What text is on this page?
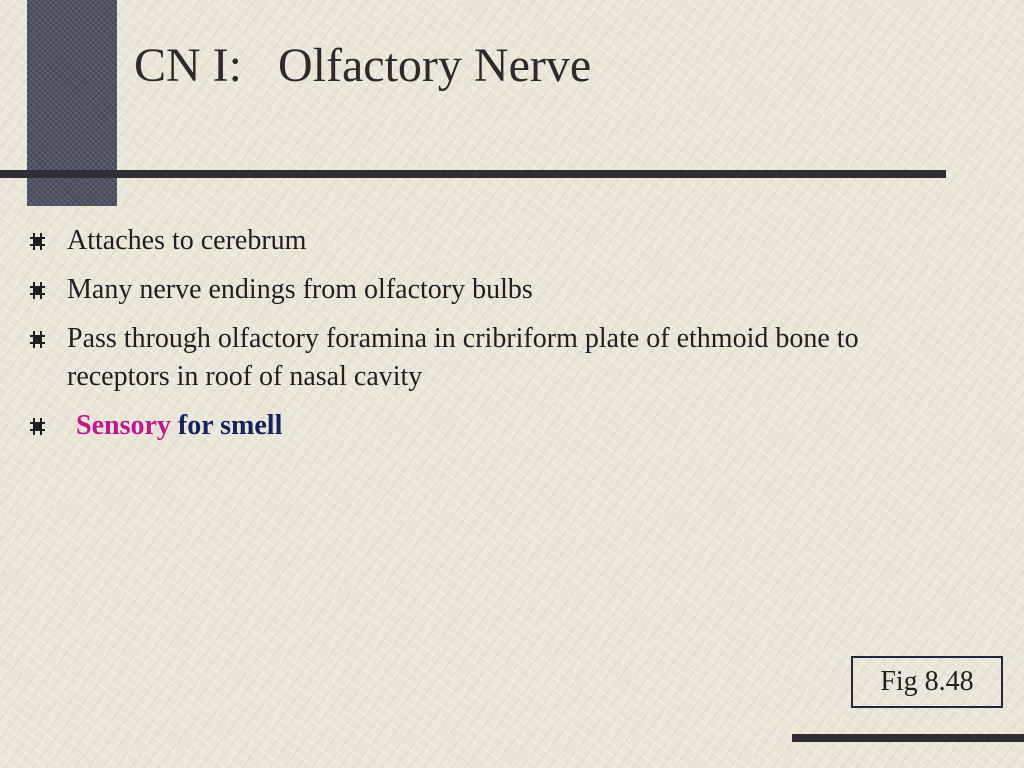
CN I:   Olfactory Nerve
Attaches to cerebrum
Many nerve endings from olfactory bulbs
Pass through olfactory foramina in cribriform plate of ethmoid bone to receptors in roof of nasal cavity
Sensory for smell
Fig 8.48
